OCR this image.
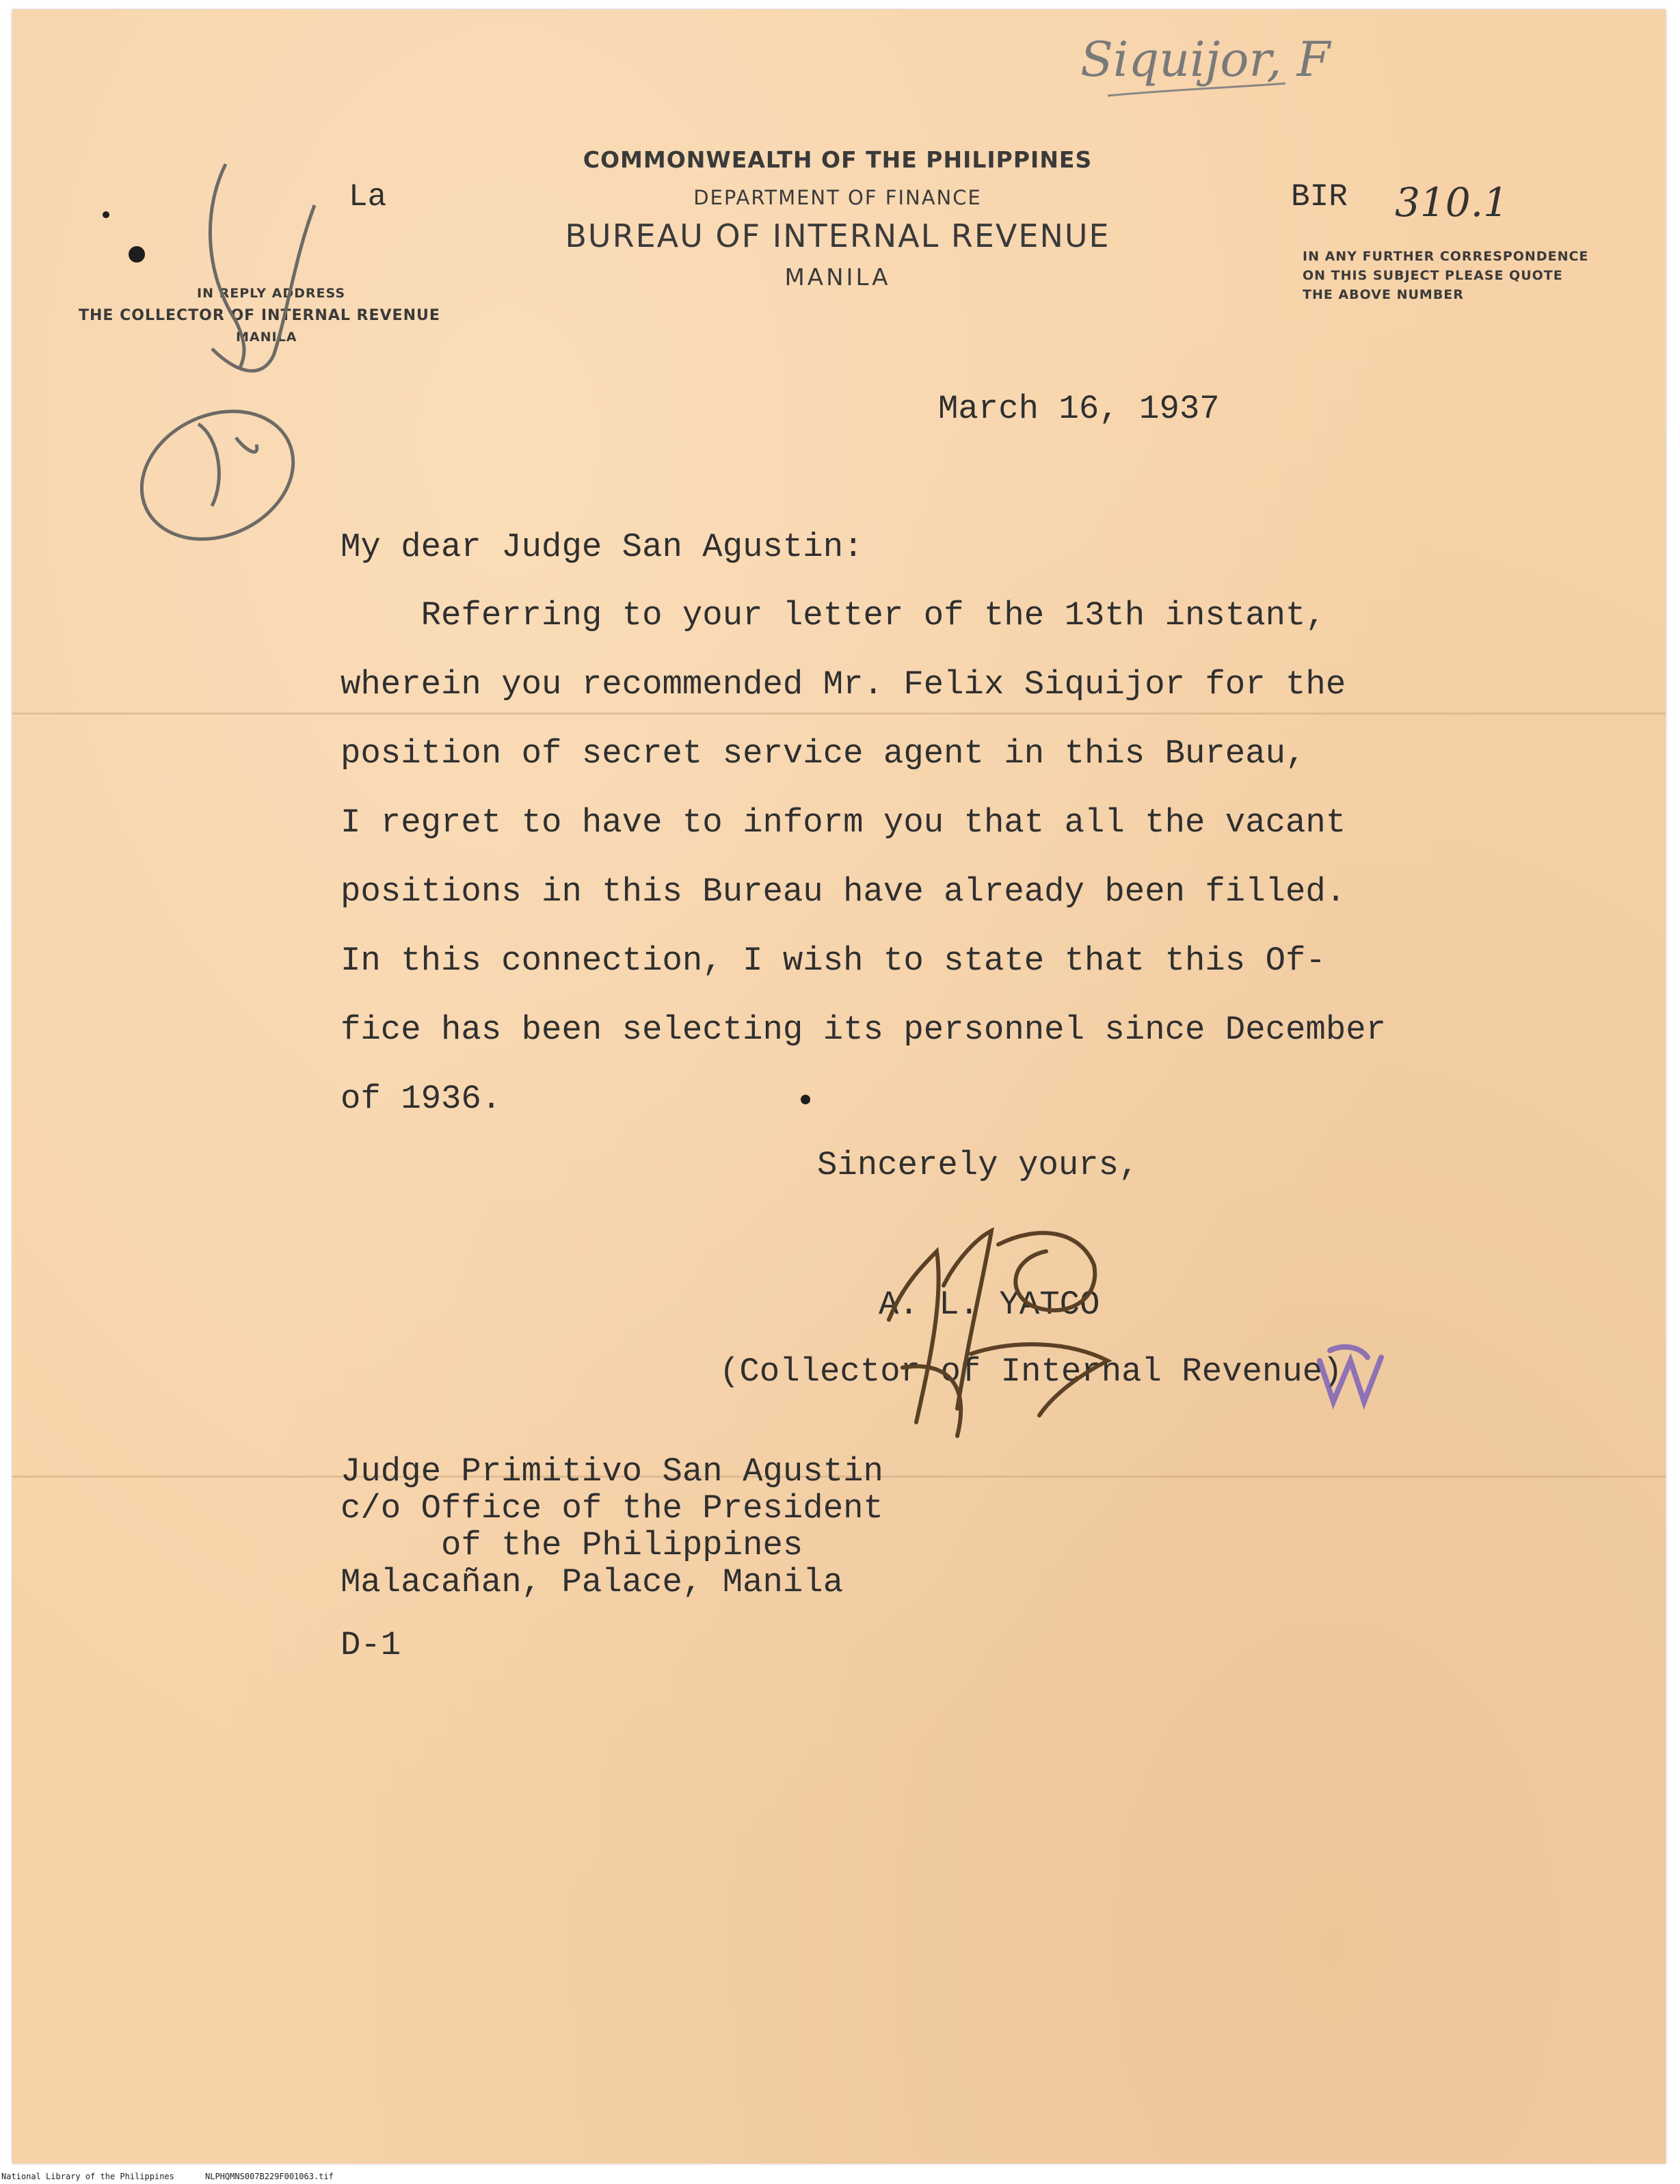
COMMONWEALTH OF THE PHILIPPINES
DEPARTMENT OF FINANCE
BUREAU OF INTERNAL REVENUE
MANILA
IN REPLY ADDRESS
THE COLLECTOR OF INTERNAL REVENUE
MANILA
La	BIR 310.1
IN ANY FURTHER CORRESPONDENCE
ON THIS SUBJECT PLEASE QUOTE
THE ABOVE NUMBER
Siquijor, F
March 16, 1937
My dear Judge San Agustin:
Referring to your letter of the 13th instant,
wherein you recommended Mr. Felix Siquijor for the
position of secret service agent in this Bureau,
I regret to have to inform you that all the vacant
positions in this Bureau have already been filled.
In this connection, I wish to state that this Of-
fice has been selecting its personnel since December
of 1936.
Sincerely yours,
A. L. YATCO
(Collector of Internal Revenue)
Judge Primitivo San Agustin
c/o Office of the President
of the Philippines
Malacañan, Palace, Manila
D-1
National Library of the Philippines	NLPHQMNS007B229F001063.tif
